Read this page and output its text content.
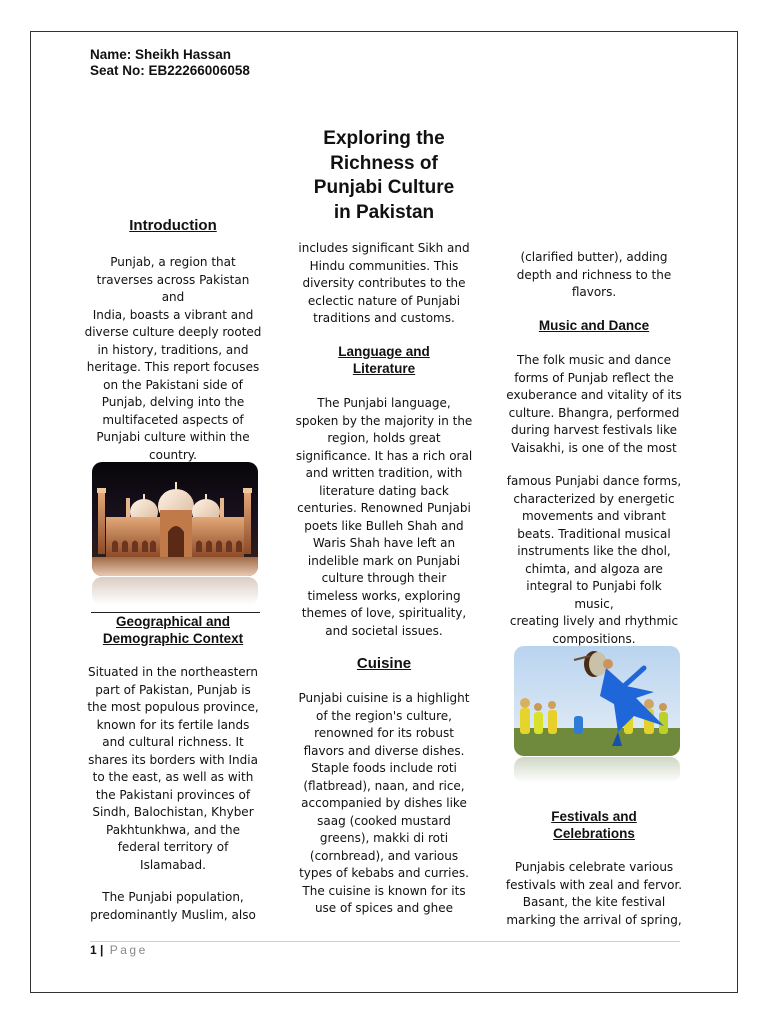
Name: Sheikh Hassan
Seat No: EB22266006058
Exploring the
Richness of
Punjabi Culture
in Pakistan
Introduction
Punjab, a region that
traverses across Pakistan and
India, boasts a vibrant and
diverse culture deeply rooted
in history, traditions, and
heritage. This report focuses
on the Pakistani side of
Punjab, delving into the
multifaceted aspects of
Punjabi culture within the
country.
Geographical and
Demographic Context
Situated in the northeastern
part of Pakistan, Punjab is
the most populous province,
known for its fertile lands
and cultural richness. It
shares its borders with India
to the east, as well as with
the Pakistani provinces of
Sindh, Balochistan, Khyber
Pakhtunkhwa, and the
federal territory of
Islamabad.
The Punjabi population,
predominantly Muslim, also
includes significant Sikh and
Hindu communities. This
diversity contributes to the
eclectic nature of Punjabi
traditions and customs.
Language and
Literature
The Punjabi language,
spoken by the majority in the
region, holds great
significance. It has a rich oral
and written tradition, with
literature dating back
centuries. Renowned Punjabi
poets like Bulleh Shah and
Waris Shah have left an
indelible mark on Punjabi
culture through their
timeless works, exploring
themes of love, spirituality,
and societal issues.
Cuisine
Punjabi cuisine is a highlight
of the region's culture,
renowned for its robust
flavors and diverse dishes.
Staple foods include roti
(flatbread), naan, and rice,
accompanied by dishes like
saag (cooked mustard
greens), makki di roti
(cornbread), and various
types of kebabs and curries.
The cuisine is known for its
use of spices and ghee
(clarified butter), adding
depth and richness to the
flavors.
Music and Dance
The folk music and dance
forms of Punjab reflect the
exuberance and vitality of its
culture. Bhangra, performed
during harvest festivals like
Vaisakhi, is one of the most
famous Punjabi dance forms,
characterized by energetic
movements and vibrant
beats. Traditional musical
instruments like the dhol,
chimta, and algoza are
integral to Punjabi folk music,
creating lively and rhythmic
compositions.
Festivals and
Celebrations
Punjabis celebrate various
festivals with zeal and fervor.
Basant, the kite festival
marking the arrival of spring,
1 | Page
